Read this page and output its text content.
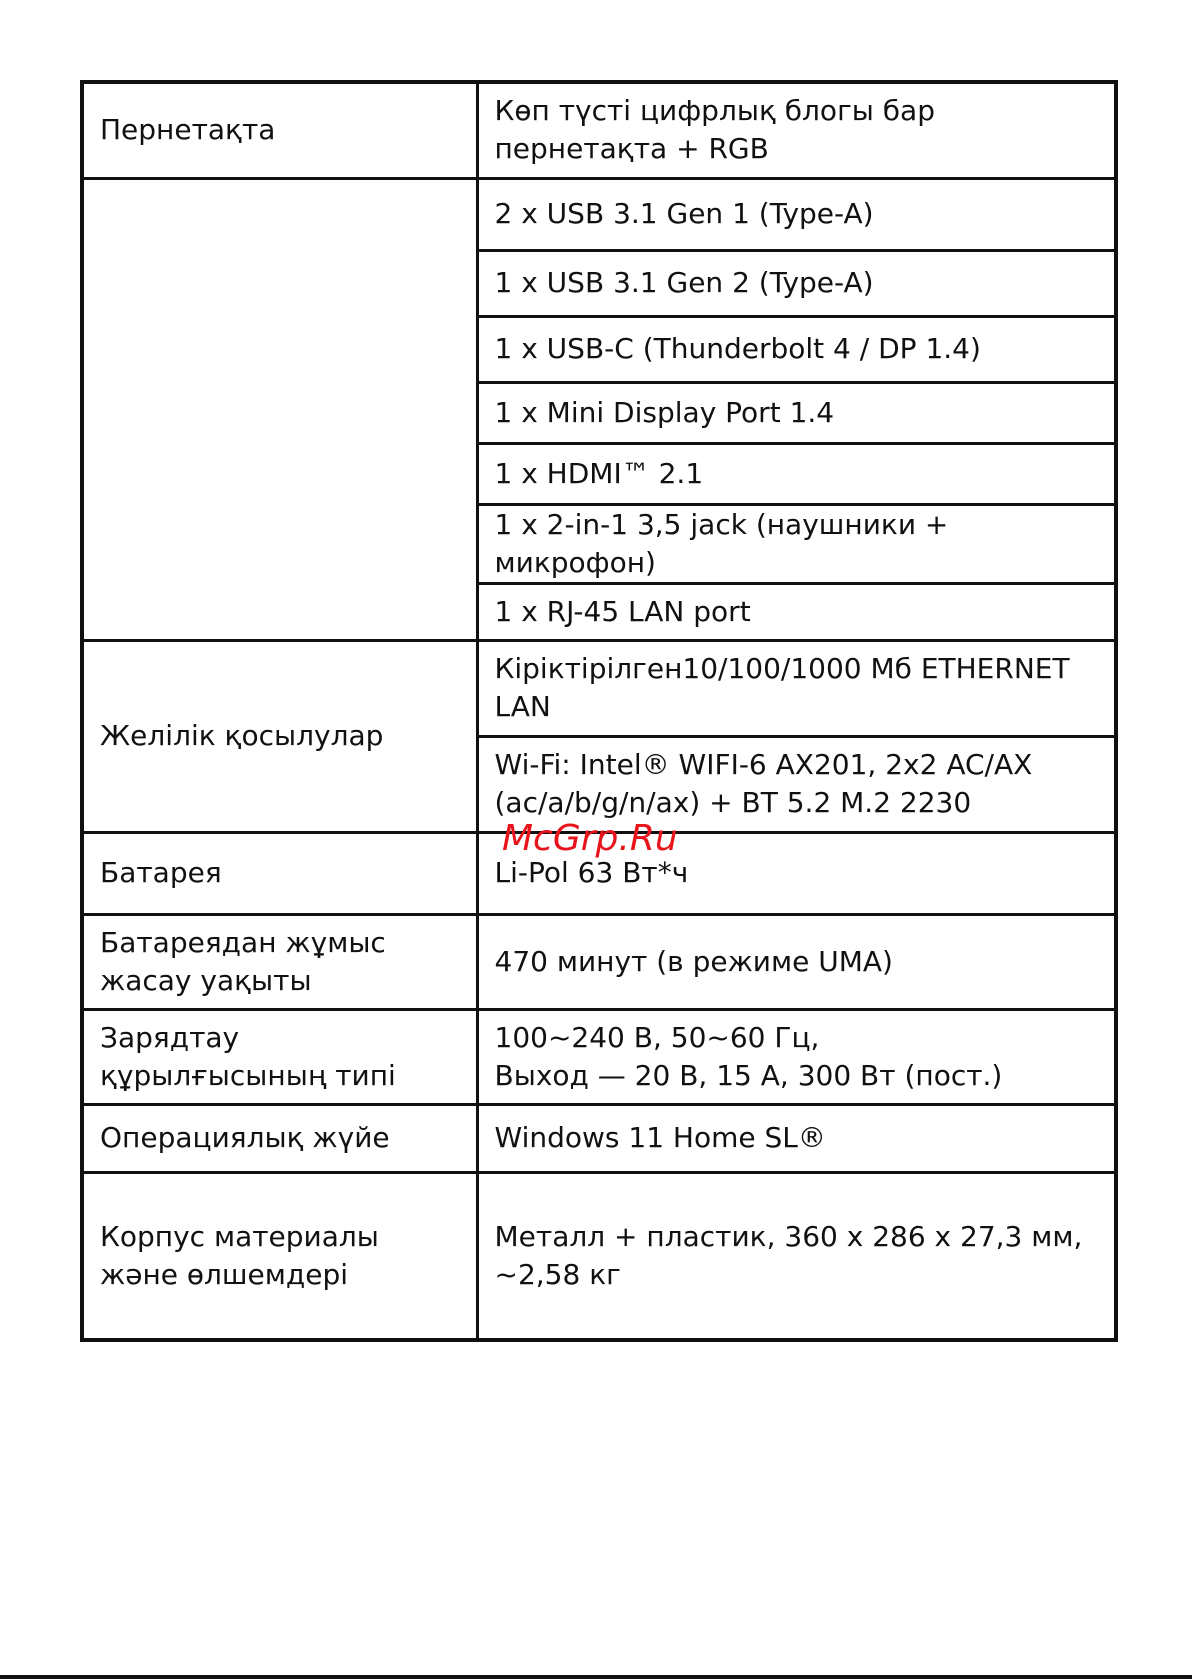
Пернетақта	Көп түсті цифрлық блогы бар пернетақта + RGB
	2 x USB 3.1 Gen 1 (Type-A)
	1 x USB 3.1 Gen 2 (Type-A)
	1 x USB-C (Thunderbolt 4 / DP 1.4)
	1 x Mini Display Port 1.4
	1 x HDMI™ 2.1
	1 x 2-in-1 3,5 jack (наушники + микрофон)
	1 x RJ-45 LAN port
Желілік қосылулар	Кіріктірілген10/100/1000 Мб ETHERNET LAN
	Wi-Fi: Intel® WIFI-6 AX201, 2x2 AC/AX (ac/a/b/g/n/ax) + BT 5.2 M.2 2230
Батарея	Li-Pol 63 Вт*ч
Батареядан жұмыс жасау уақыты	470 минут (в режиме UMA)
Зарядтау құрылғысының типі	100~240 В, 50~60 Гц,
Выход — 20 В, 15 А, 300 Вт (пост.)

Операциялық жүйе	Windows 11 Home SL®
Корпус материалы және өлшемдері	Металл + пластик, 360 x 286 x 27,3 мм, ~2,58 кг
McGrp.Ru
